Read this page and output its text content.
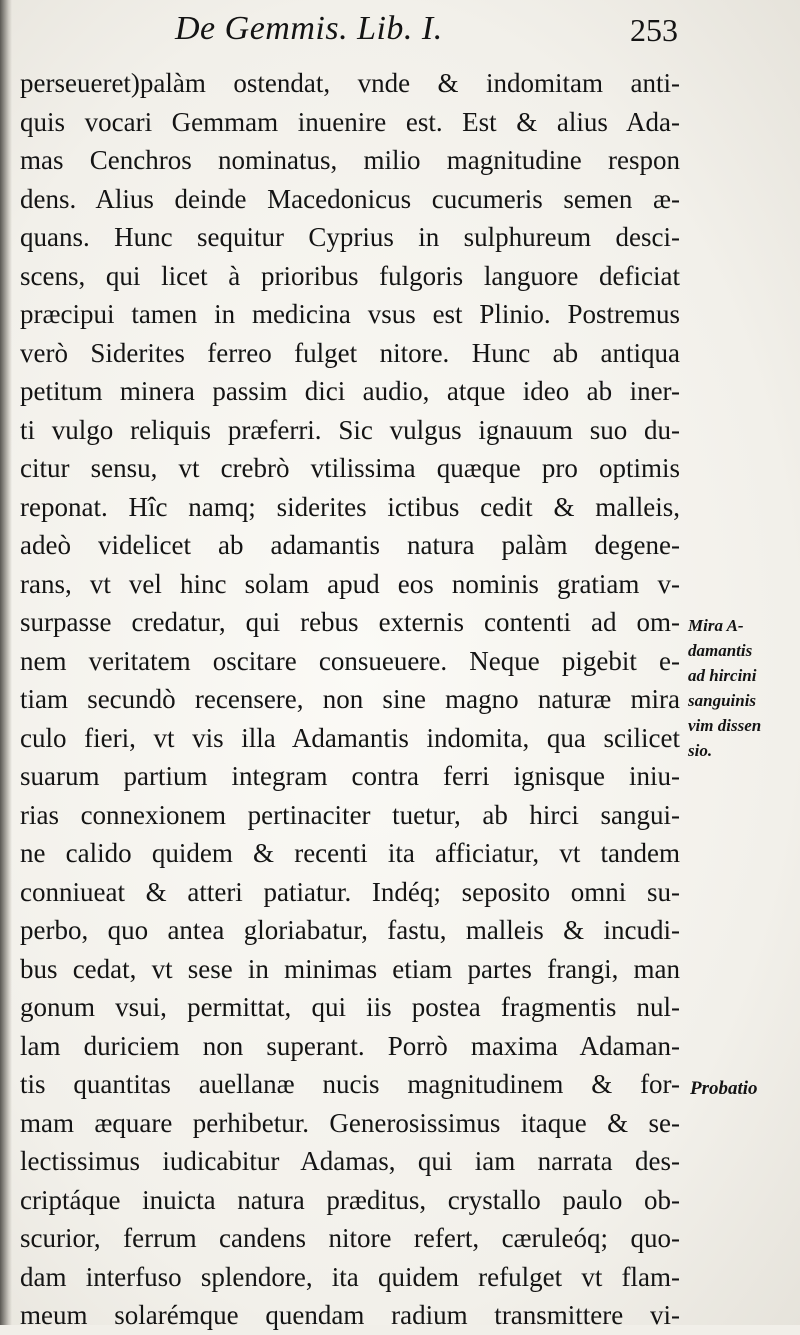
De Gemmis. Lib. I.	253
perseueret)palàm ostendat, vnde & indomitam anti-
quis vocari Gemmam inuenire est. Est & alius Ada-
mas Cenchros nominatus, milio magnitudine respon
dens. Alius deinde Macedonicus cucumeris semen æ-
quans. Hunc sequitur Cyprius in sulphureum desci-
scens, qui licet à prioribus fulgoris languore deficiat
præcipui tamen in medicina vsus est Plinio. Postremus
verò Siderites ferreo fulget nitore. Hunc ab antiqua
petitum minera passim dici audio, atque ideo ab iner-
ti vulgo reliquis præferri. Sic vulgus ignauum suo du-
citur sensu, vt crebrò vtilissima quæque pro optimis
reponat. Hîc namq; siderites ictibus cedit & malleis,
adeò videlicet ab adamantis natura palàm degene-
rans, vt vel hinc solam apud eos nominis gratiam v-
surpasse credatur, qui rebus externis contenti ad om-
nem veritatem oscitare consueuere. Neque pigebit e-
tiam secundò recensere, non sine magno naturæ mira
culo fieri, vt vis illa Adamantis indomita, qua scilicet
suarum partium integram contra ferri ignisque iniu-
rias connexionem pertinaciter tuetur, ab hirci sangui-
ne calido quidem & recenti ita afficiatur, vt tandem
conniueat & atteri patiatur. Indéq; seposito omni su-
perbo, quo antea gloriabatur, fastu, malleis & incudi-
bus cedat, vt sese in minimas etiam partes frangi, man
gonum vsui, permittat, qui iis postea fragmentis nul-
lam duriciem non superant. Porrò maxima Adaman-
tis quantitas auellanæ nucis magnitudinem & for-
mam æquare perhibetur. Generosissimus itaque & se-
lectissimus iudicabitur Adamas, qui iam narrata des-
criptáque inuicta natura præditus, crystallo paulo ob-
scurior, ferrum candens nitore refert, cæruleóq; quo-
dam interfuso splendore, ita quidem refulget vt flam-
meum solarémque quendam radium transmittere vi-
Mira A-
damantis
ad hircini
sanguinis
vim dissen
sio.
Probatio
